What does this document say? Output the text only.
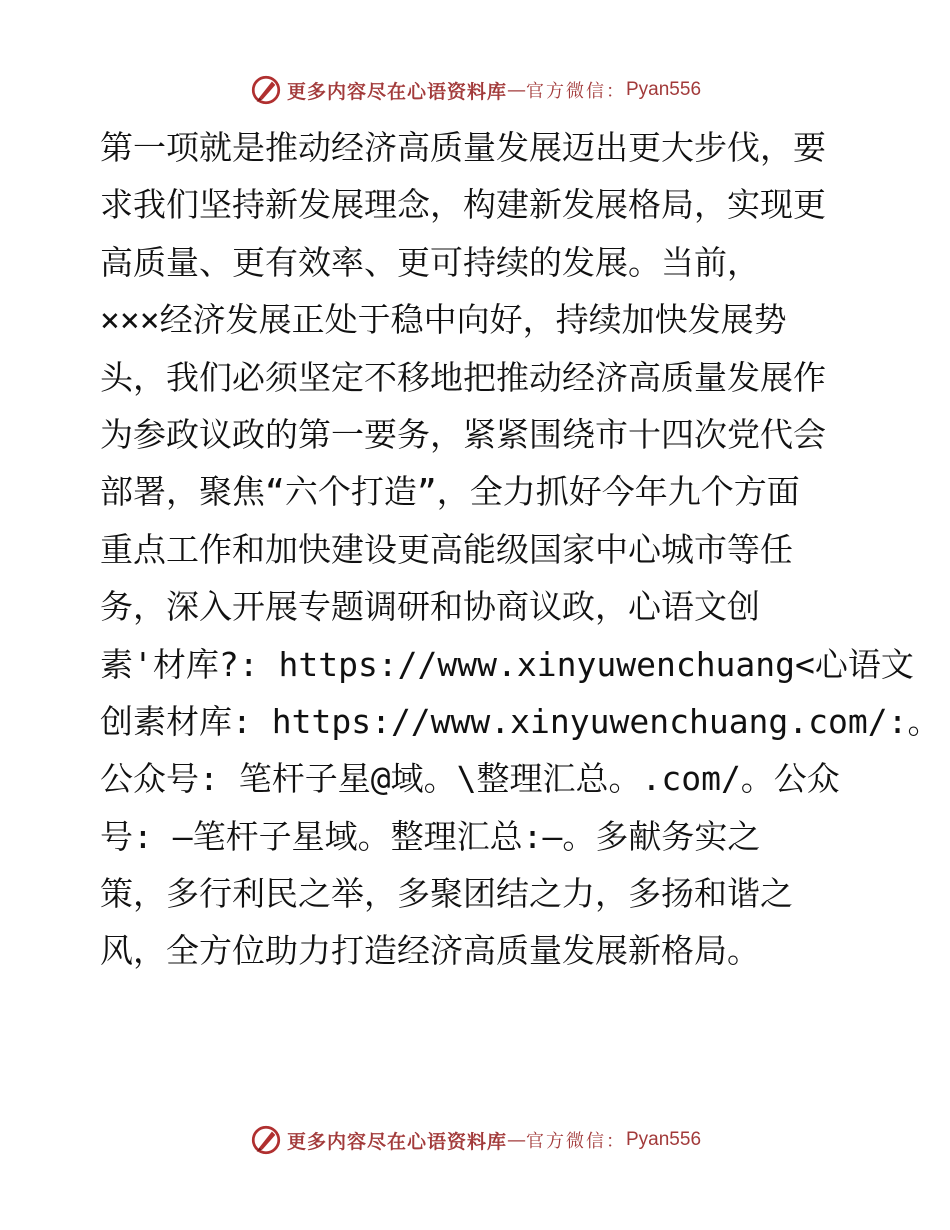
更多内容尽在心语资料库 — 官方微信： Pyan556
第一项就是推动经济高质量发展迈出更大步伐，要
求我们坚持新发展理念，构建新发展格局，实现更
高质量、更有效率、更可持续的发展。当前，
×××经济发展正处于稳中向好，持续加快发展势
头，我们必须坚定不移地把推动经济高质量发展作
为参政议政的第一要务，紧紧围绕市十四次党代会
部署，聚焦“六个打造”，全力抓好今年九个方面
重点工作和加快建设更高能级国家中心城市等任
务，深入开展专题调研和协商议政，心语文创
素'材库?: https://www.xinyuwenchuang<心语文
创素材库: https://www.xinyuwenchuang.com/:。
公众号: 笔杆子星@域。\整理汇总。.com/。公众
号: —笔杆子星域。整理汇总:—。多献务实之
策，多行利民之举，多聚团结之力，多扬和谐之
风，全方位助力打造经济高质量发展新格局。
更多内容尽在心语资料库 — 官方微信： Pyan556
